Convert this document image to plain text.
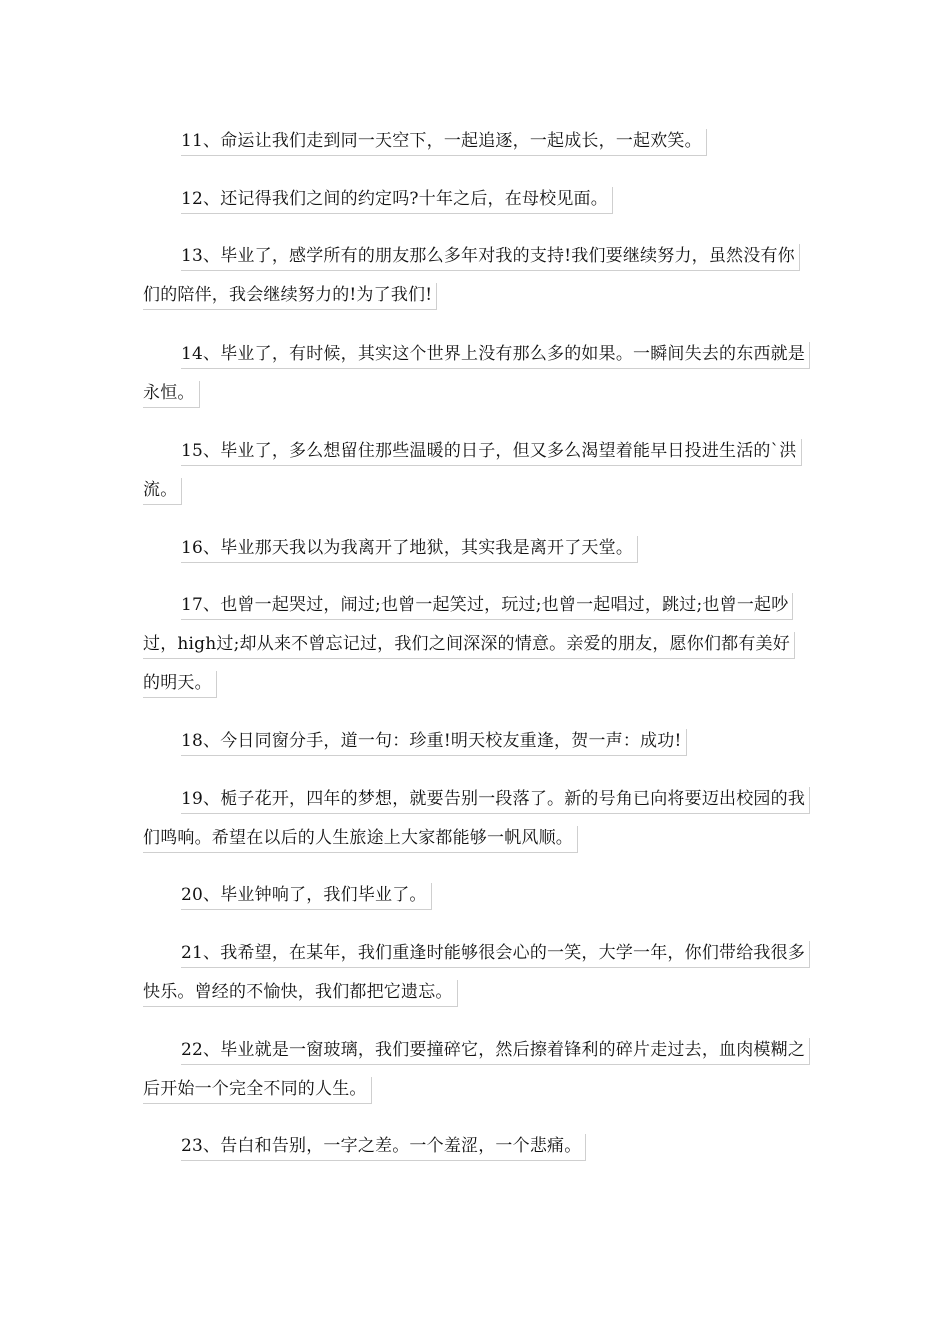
11、命运让我们走到同一天空下，一起追逐，一起成长，一起欢笑。

12、还记得我们之间的约定吗?十年之后，在母校见面。

13、毕业了，感学所有的朋友那么多年对我的支持!我们要继续努力，虽然没有你们的陪伴，我会继续努力的!为了我们!

14、毕业了，有时候，其实这个世界上没有那么多的如果。一瞬间失去的东西就是永恒。

15、毕业了，多么想留住那些温暖的日子，但又多么渴望着能早日投进生活的`洪流。

16、毕业那天我以为我离开了地狱，其实我是离开了天堂。

17、也曾一起哭过，闹过;也曾一起笑过，玩过;也曾一起唱过，跳过;也曾一起吵过，high过;却从来不曾忘记过，我们之间深深的情意。亲爱的朋友，愿你们都有美好的明天。

18、今日同窗分手，道一句：珍重!明天校友重逢，贺一声：成功!

19、栀子花开，四年的梦想，就要告别一段落了。新的号角已向将要迈出校园的我们鸣响。希望在以后的人生旅途上大家都能够一帆风顺。

20、毕业钟响了，我们毕业了。

21、我希望，在某年，我们重逢时能够很会心的一笑，大学一年，你们带给我很多快乐。曾经的不愉快，我们都把它遗忘。

22、毕业就是一窗玻璃，我们要撞碎它，然后擦着锋利的碎片走过去，血肉模糊之后开始一个完全不同的人生。

23、告白和告别，一字之差。一个羞涩，一个悲痛。
